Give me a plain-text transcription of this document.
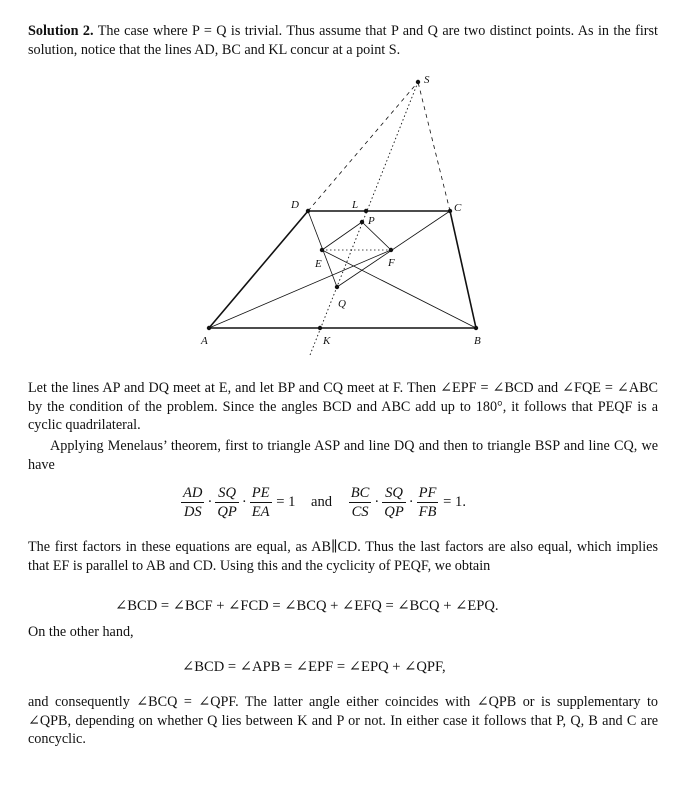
Solution 2. The case where P = Q is trivial. Thus assume that P and Q are two distinct points. As in the first solution, notice that the lines AD, BC and KL concur at a point S.

S
D	L	C
P
E	F
Q
A	K	B

Let the lines AP and DQ meet at E, and let BP and CQ meet at F. Then ∠EPF = ∠BCD and ∠FQE = ∠ABC by the condition of the problem. Since the angles BCD and ABC add up to 180°, it follows that PEQF is a cyclic quadrilateral.

Applying Menelaus’ theorem, first to triangle ASP and line DQ and then to triangle BSP and line CQ, we have

$\frac{AD}{DS} \cdot \frac{SQ}{QP} \cdot \frac{PE}{EA} = 1$ and $\frac{BC}{CS} \cdot \frac{SQ}{QP} \cdot \frac{PF}{FB} = 1$.

The first factors in these equations are equal, as AB∥CD. Thus the last factors are also equal, which implies that EF is parallel to AB and CD. Using this and the cyclicity of PEQF, we obtain

∠BCD = ∠BCF + ∠FCD = ∠BCQ + ∠EFQ = ∠BCQ + ∠EPQ.

On the other hand,

∠BCD = ∠APB = ∠EPF = ∠EPQ + ∠QPF,

and consequently ∠BCQ = ∠QPF. The latter angle either coincides with ∠QPB or is supplementary to ∠QPB, depending on whether Q lies between K and P or not. In either case it follows that P, Q, B and C are concyclic.
